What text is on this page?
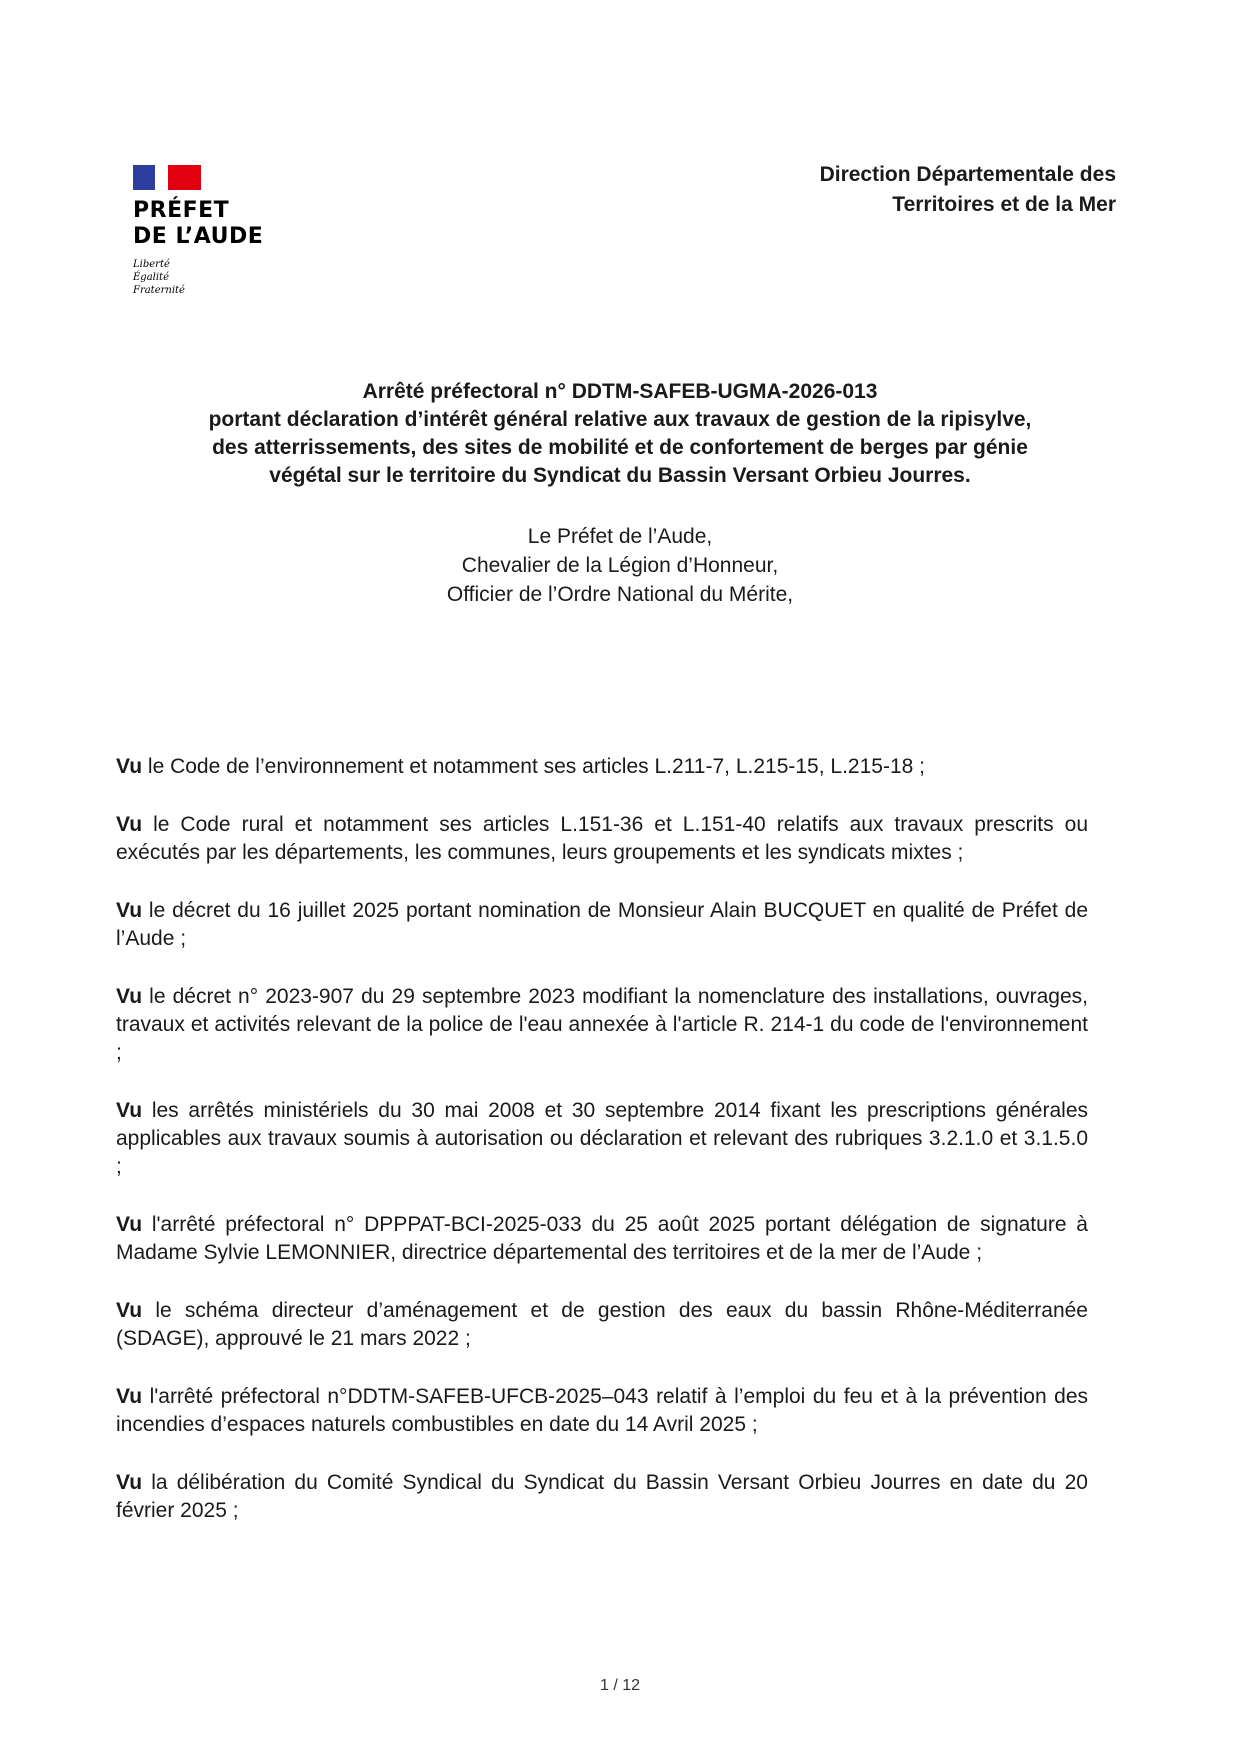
PRÉFET
DE L’AUDE
Liberté
Égalité
Fraternité
Direction Départementale des
Territoires et de la Mer
Arrêté préfectoral n° DDTM-SAFEB-UGMA-2026-013
portant déclaration d’intérêt général relative aux travaux de gestion de la ripisylve,
des atterrissements, des sites de mobilité et de confortement de berges par génie
végétal sur le territoire du Syndicat du Bassin Versant Orbieu Jourres.
Le Préfet de l’Aude,
Chevalier de la Légion d’Honneur,
Officier de l’Ordre National du Mérite,

Vu le Code de l’environnement et notamment ses articles L.211-7, L.215-15, L.215-18 ;

Vu le Code rural et notamment ses articles L.151-36 et L.151-40 relatifs aux travaux prescrits ou exécutés par les départements, les communes, leurs groupements et les syndicats mixtes ;

Vu le décret du 16 juillet 2025 portant nomination de Monsieur Alain BUCQUET en qualité de Préfet de l’Aude ;

Vu le décret n° 2023-907 du 29 septembre 2023 modifiant la nomenclature des installations, ouvrages, travaux et activités relevant de la police de l'eau annexée à l'article R. 214-1 du code de l'environnement ;

Vu les arrêtés ministériels du 30 mai 2008 et 30 septembre 2014 fixant les prescriptions générales applicables aux travaux soumis à autorisation ou déclaration et relevant des rubriques 3.2.1.0 et 3.1.5.0 ;

Vu l'arrêté préfectoral n° DPPPAT-BCI-2025-033 du 25 août 2025 portant délégation de signature à Madame Sylvie LEMONNIER, directrice départemental des territoires et de la mer de l’Aude ;

Vu le schéma directeur d’aménagement et de gestion des eaux du bassin Rhône-Méditerranée (SDAGE), approuvé le 21 mars 2022 ;

Vu l'arrêté préfectoral n°DDTM-SAFEB-UFCB-2025–043 relatif à l’emploi du feu et à la prévention des incendies d’espaces naturels combustibles en date du 14 Avril 2025 ;

Vu la délibération du Comité Syndical du Syndicat du Bassin Versant Orbieu Jourres en date du 20 février 2025 ;

1 / 12
